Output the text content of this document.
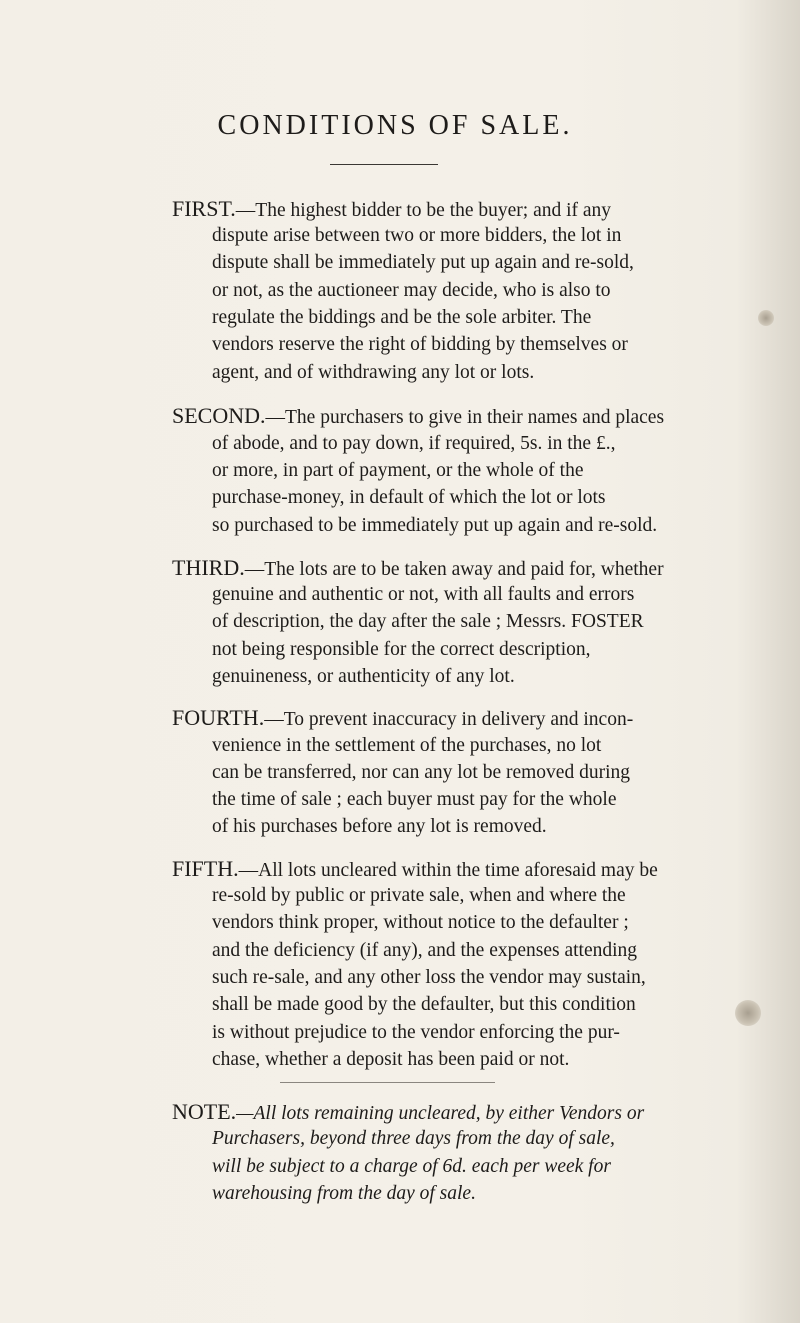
CONDITIONS OF SALE.
FIRST.—The highest bidder to be the buyer; and if any
dispute arise between two or more bidders, the lot in
dispute shall be immediately put up again and re-sold,
or not, as the auctioneer may decide, who is also to
regulate the biddings and be the sole arbiter. The
vendors reserve the right of bidding by themselves or
agent, and of withdrawing any lot or lots.
SECOND.—The purchasers to give in their names and places
of abode, and to pay down, if required, 5s. in the £.,
or more, in part of payment, or the whole of the
purchase-money, in default of which the lot or lots
so purchased to be immediately put up again and re-sold.
THIRD.—The lots are to be taken away and paid for, whether
genuine and authentic or not, with all faults and errors
of description, the day after the sale ; Messrs. FOSTER
not being responsible for the correct description,
genuineness, or authenticity of any lot.
FOURTH.—To prevent inaccuracy in delivery and incon-
venience in the settlement of the purchases, no lot
can be transferred, nor can any lot be removed during
the time of sale ; each buyer must pay for the whole
of his purchases before any lot is removed.
FIFTH.—All lots uncleared within the time aforesaid may be
re-sold by public or private sale, when and where the
vendors think proper, without notice to the defaulter ;
and the deficiency (if any), and the expenses attending
such re-sale, and any other loss the vendor may sustain,
shall be made good by the defaulter, but this condition
is without prejudice to the vendor enforcing the pur-
chase, whether a deposit has been paid or not.
NOTE.—All lots remaining uncleared, by either Vendors or
Purchasers, beyond three days from the day of sale,
will be subject to a charge of 6d. each per week for
warehousing from the day of sale.
